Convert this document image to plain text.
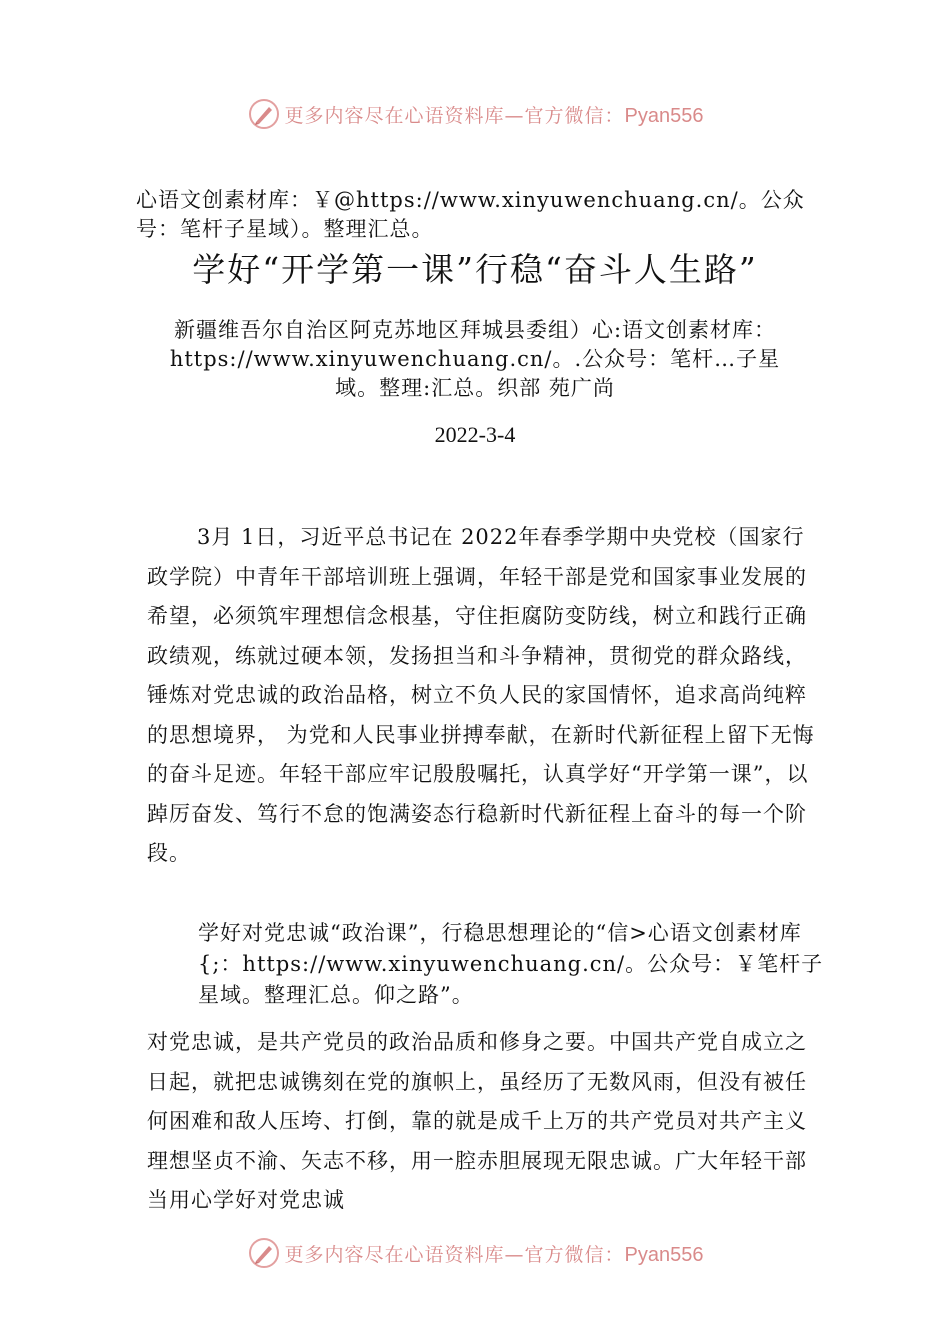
更多内容尽在心语资料库—官方微信：Pyan556
心语文创素材库：￥@https://www.xinyuwenchuang.cn/。公众号：笔杆子星域）。整理汇总。
学好“开学第一课”行稳“奋斗人生路”
新疆维吾尔自治区阿克苏地区拜城县委组）心:语文创素材库：https://www.xinyuwenchuang.cn/。.公众号：笔杆…子星域。整理:汇总。织部 苑广尚
2022-3-4
3月 1日，习近平总书记在 2022年春季学期中央党校（国家行政学院）中青年干部培训班上强调，年轻干部是党和国家事业发展的希望，必须筑牢理想信念根基，守住拒腐防变防线，树立和践行正确政绩观，练就过硬本领，发扬担当和斗争精神，贯彻党的群众路线，锤炼对党忠诚的政治品格，树立不负人民的家国情怀，追求高尚纯粹的思想境界， 为党和人民事业拼搏奉献，在新时代新征程上留下无悔的奋斗足迹。年轻干部应牢记殷殷嘱托，认真学好“开学第一课”，以踔厉奋发、笃行不怠的饱满姿态行稳新时代新征程上奋斗的每一个阶段。
学好对党忠诚“政治课”，行稳思想理论的“信>心语文创素材库{;：https://www.xinyuwenchuang.cn/。公众号：￥笔杆子星域。整理汇总。仰之路”。
对党忠诚，是共产党员的政治品质和修身之要。中国共产党自成立之日起，就把忠诚镌刻在党的旗帜上，虽经历了无数风雨，但没有被任何困难和敌人压垮、打倒，靠的就是成千上万的共产党员对共产主义理想坚贞不渝、矢志不移，用一腔赤胆展现无限忠诚。广大年轻干部当用心学好对党忠诚
更多内容尽在心语资料库—官方微信：Pyan556
